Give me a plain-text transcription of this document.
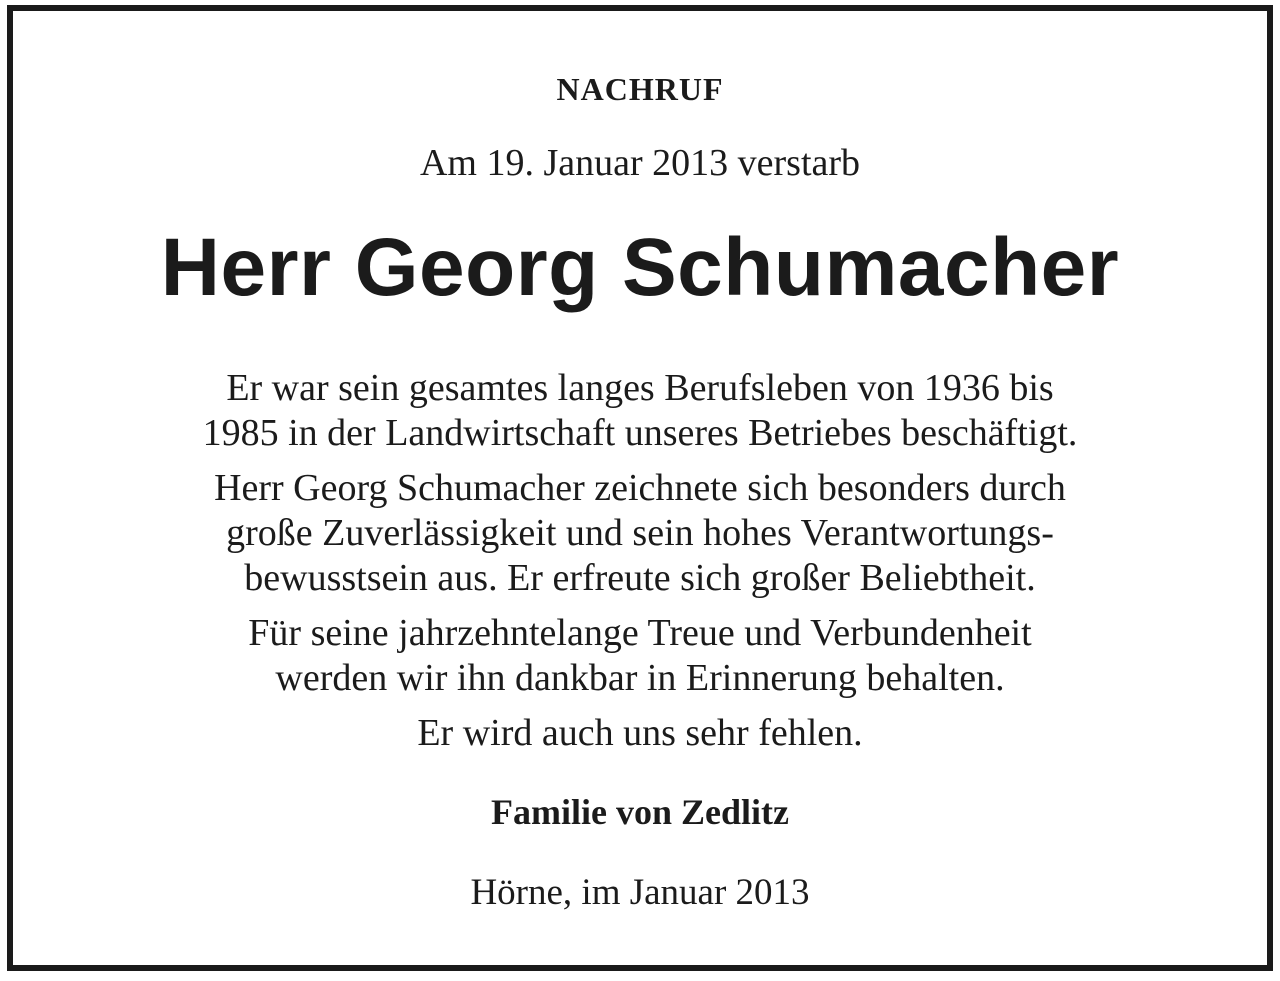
NACHRUF
Am 19. Januar 2013 verstarb
Herr Georg Schumacher
Er war sein gesamtes langes Berufsleben von 1936 bis
1985 in der Landwirtschaft unseres Betriebes beschäftigt.
Herr Georg Schumacher zeichnete sich besonders durch
große Zuverlässigkeit und sein hohes Verantwortungs-
bewusstsein aus. Er erfreute sich großer Beliebtheit.
Für seine jahrzehntelange Treue und Verbundenheit
werden wir ihn dankbar in Erinnerung behalten.
Er wird auch uns sehr fehlen.
Familie von Zedlitz
Hörne, im Januar 2013
